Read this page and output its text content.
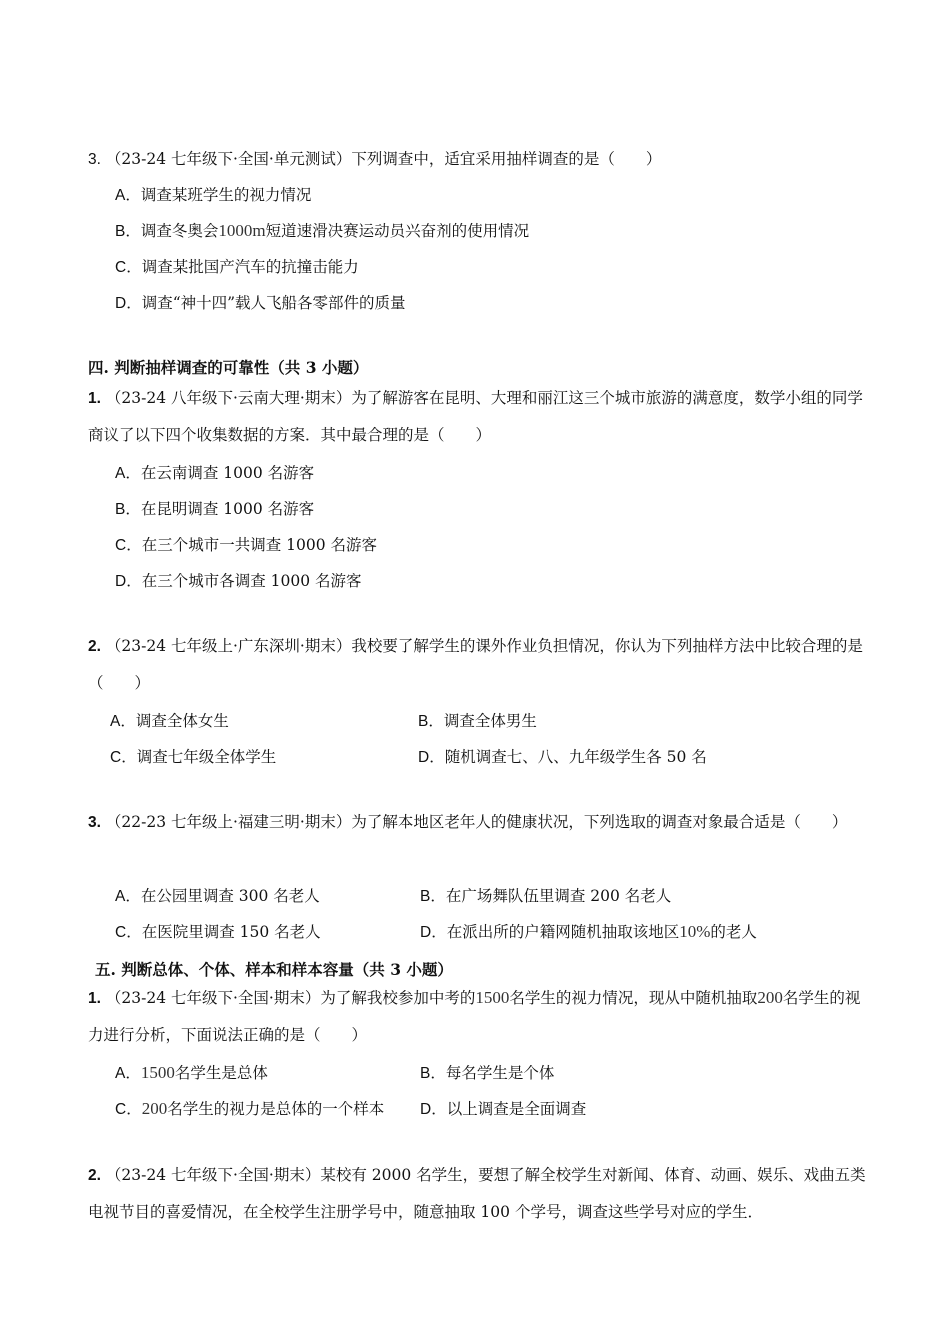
3. （23-24 七年级下·全国·单元测试）下列调查中，适宜采用抽样调查的是（　　）
A．调查某班学生的视力情况
B．调查冬奥会1000m短道速滑决赛运动员兴奋剂的使用情况
C．调查某批国产汽车的抗撞击能力
D．调查“神十四”载人飞船各零部件的质量
四. 判断抽样调查的可靠性（共 3 小题）
1. （23-24 八年级下·云南大理·期末）为了解游客在昆明、大理和丽江这三个城市旅游的满意度，数学小组的同学商议了以下四个收集数据的方案．其中最合理的是（　　）
A．在云南调查 1000 名游客
B．在昆明调查 1000 名游客
C．在三个城市一共调查 1000 名游客
D．在三个城市各调查 1000 名游客
2. （23-24 七年级上·广东深圳·期末）我校要了解学生的课外作业负担情况，你认为下列抽样方法中比较合理的是（　　）
A．调查全体女生	B．调查全体男生
C．调查七年级全体学生	D．随机调查七、八、九年级学生各 50 名
3. （22-23 七年级上·福建三明·期末）为了解本地区老年人的健康状况，下列选取的调查对象最合适是（　　）
A．在公园里调查 300 名老人	B．在广场舞队伍里调查 200 名老人
C．在医院里调查 150 名老人	D．在派出所的户籍网随机抽取该地区10%的老人
五. 判断总体、个体、样本和样本容量（共 3 小题）
1. （23-24 七年级下·全国·期末）为了解我校参加中考的1500名学生的视力情况，现从中随机抽取200名学生的视力进行分析，下面说法正确的是（　　）
A．1500名学生是总体	B．每名学生是个体
C．200名学生的视力是总体的一个样本 D．以上调查是全面调查
2. （23-24 七年级下·全国·期末）某校有 2000 名学生，要想了解全校学生对新闻、体育、动画、娱乐、戏曲五类电视节目的喜爱情况，在全校学生注册学号中，随意抽取 100 个学号，调查这些学号对应的学生．
